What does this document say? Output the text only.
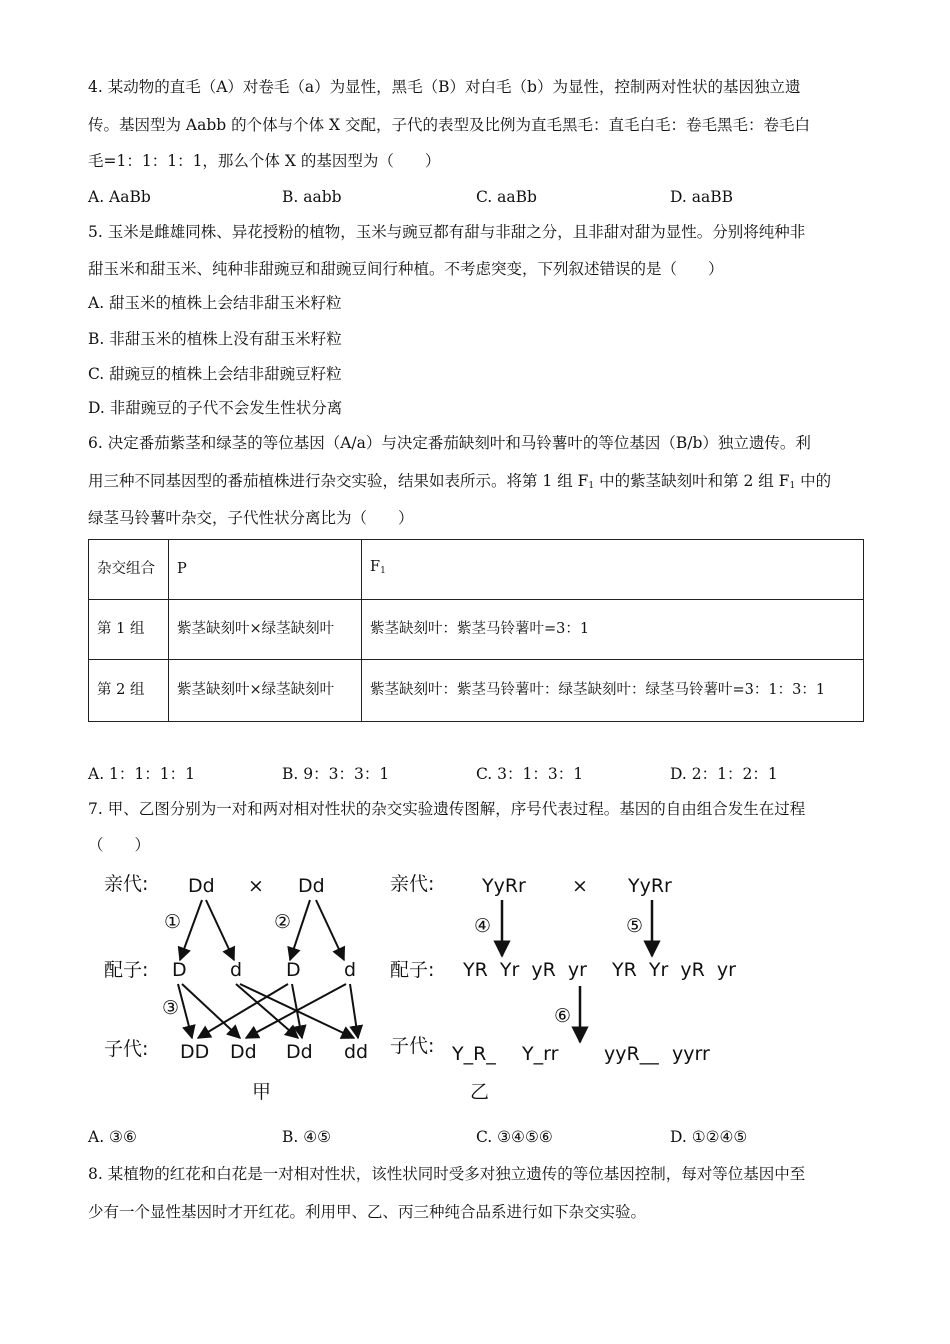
4. 某动物的直毛（A）对卷毛（a）为显性，黑毛（B）对白毛（b）为显性，控制两对性状的基因独立遗
传。基因型为 Aabb 的个体与个体 X 交配，子代的表型及比例为直毛黑毛：直毛白毛：卷毛黑毛：卷毛白
毛=1：1：1：1，那么个体 X 的基因型为（　　）
A. AaBb	B. aabb	C. aaBb	D. aaBB
5. 玉米是雌雄同株、异花授粉的植物，玉米与豌豆都有甜与非甜之分，且非甜对甜为显性。分别将纯种非
甜玉米和甜玉米、纯种非甜豌豆和甜豌豆间行种植。不考虑突变，下列叙述错误的是（　　）
A. 甜玉米的植株上会结非甜玉米籽粒
B. 非甜玉米的植株上没有甜玉米籽粒
C. 甜豌豆的植株上会结非甜豌豆籽粒
D. 非甜豌豆的子代不会发生性状分离
6. 决定番茄紫茎和绿茎的等位基因（A/a）与决定番茄缺刻叶和马铃薯叶的等位基因（B/b）独立遗传。利
用三种不同基因型的番茄植株进行杂交实验，结果如表所示。将第 1 组 $F_1$ 中的紫茎缺刻叶和第 2 组 $F_1$ 中的
绿茎马铃薯叶杂交，子代性状分离比为（　　）
杂交组合	P	$F_1$
第 1 组	紫茎缺刻叶×绿茎缺刻叶	紫茎缺刻叶：紫茎马铃薯叶=3：1
第 2 组	紫茎缺刻叶×绿茎缺刻叶	紫茎缺刻叶：紫茎马铃薯叶：绿茎缺刻叶：绿茎马铃薯叶=3：1：3：1
A. 1：1：1：1	B. 9：3：3：1	C. 3：1：3：1	D. 2：1：2：1
7. 甲、乙图分别为一对和两对相对性状的杂交实验遗传图解，序号代表过程。基因的自由组合发生在过程
（　　）
亲代:
配子:
子代:
Dd × Dd
①	②
③
D d D d
DD Dd Dd dd
甲
亲代:
配子:
子代:
YyRr × YyRr
④	⑤
YR  Yr  yR  yr YR  Yr  yR  yr
⑥
Y_R_ Y_rr yyR__ yyrr
乙
A. ③⑥	B. ④⑤	C. ③④⑤⑥	D. ①②④⑤
8. 某植物的红花和白花是一对相对性状，该性状同时受多对独立遗传的等位基因控制，每对等位基因中至
少有一个显性基因时才开红花。利用甲、乙、丙三种纯合品系进行如下杂交实验。
